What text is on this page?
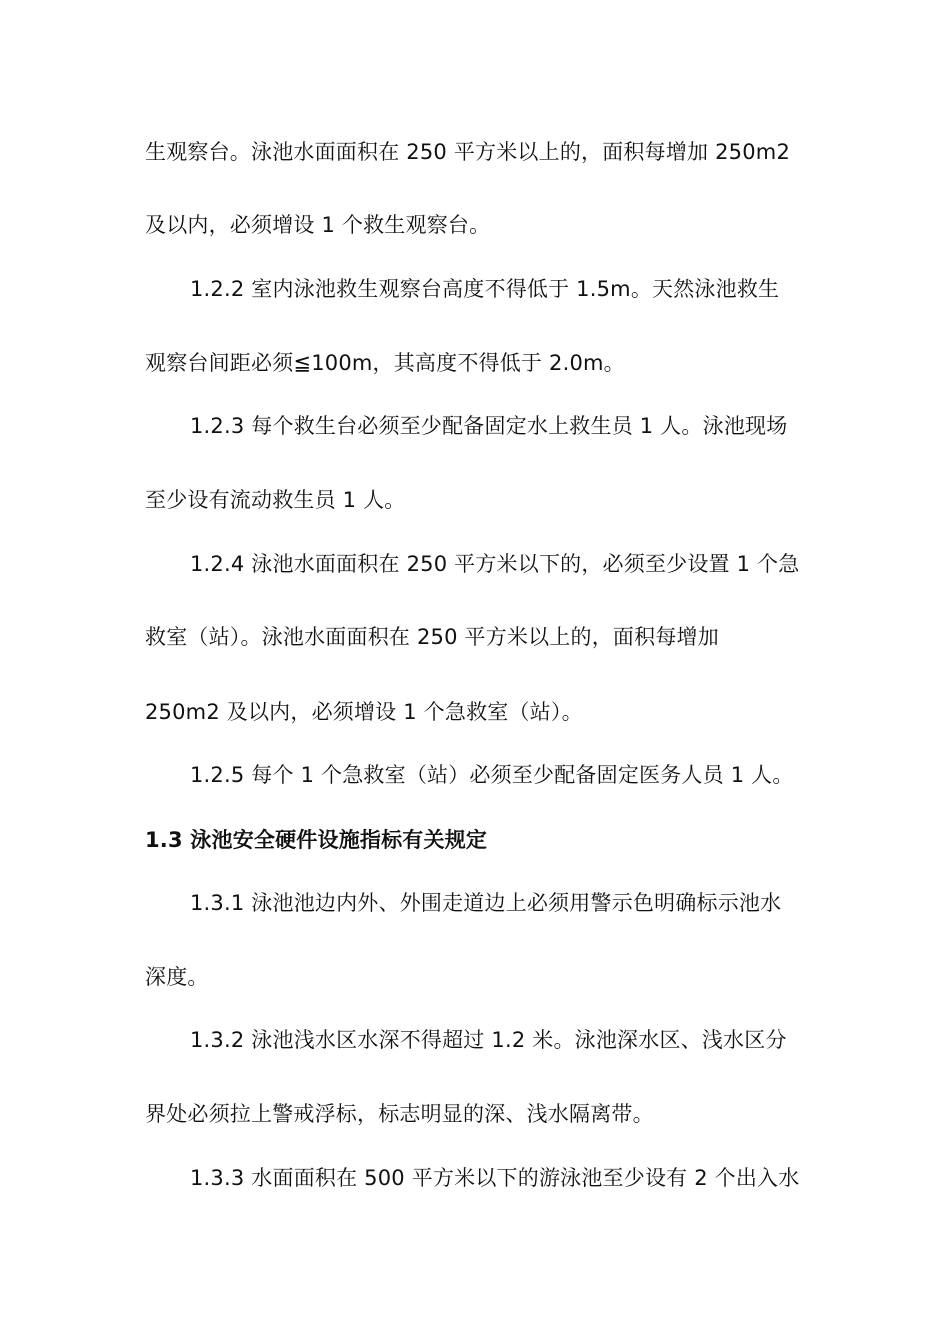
生观察台。泳池水面面积在 250 平方米以上的，面积每增加 250m2
及以内，必须增设 1 个救生观察台。
1.2.2 室内泳池救生观察台高度不得低于 1.5m。天然泳池救生
观察台间距必须≦100m，其高度不得低于 2.0m。
1.2.3 每个救生台必须至少配备固定水上救生员 1 人。泳池现场
至少设有流动救生员 1 人。
1.2.4 泳池水面面积在 250 平方米以下的，必须至少设置 1 个急
救室（站）。泳池水面面积在 250 平方米以上的，面积每增加
250m2 及以内，必须增设 1 个急救室（站）。
1.2.5 每个 1 个急救室（站）必须至少配备固定医务人员 1 人。
1.3 泳池安全硬件设施指标有关规定
1.3.1 泳池池边内外、外围走道边上必须用警示色明确标示池水
深度。
1.3.2 泳池浅水区水深不得超过 1.2 米。泳池深水区、浅水区分
界处必须拉上警戒浮标，标志明显的深、浅水隔离带。
1.3.3 水面面积在 500 平方米以下的游泳池至少设有 2 个出入水
